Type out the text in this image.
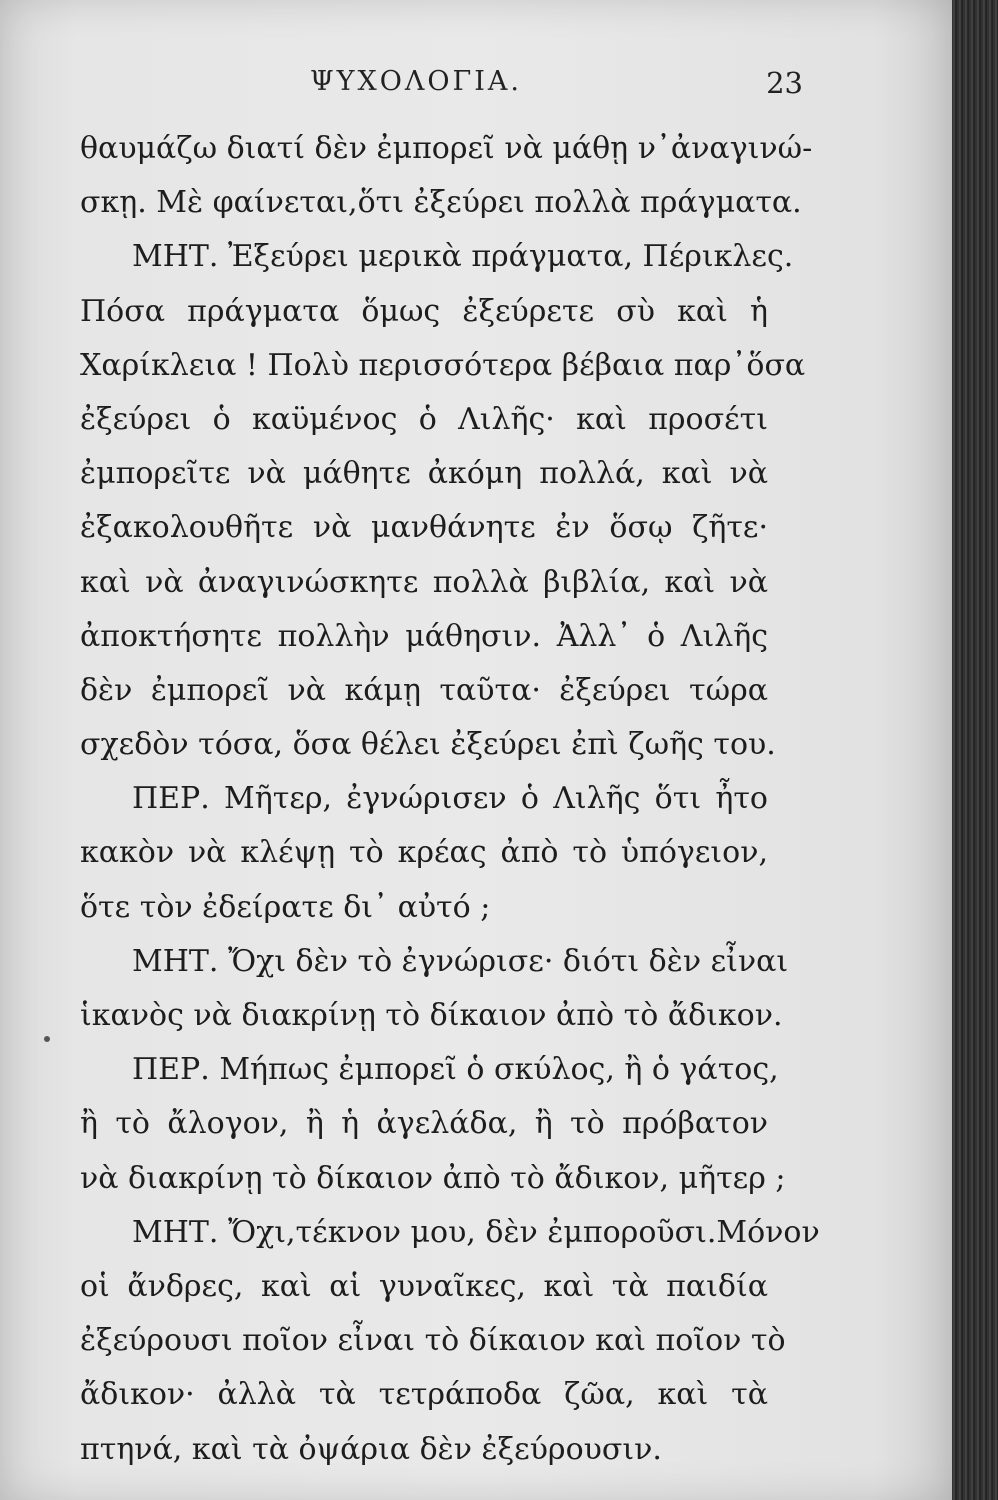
ΨΥΧΟΛΟΓΙΑ.	23
θαυμάζω διατί δὲν ἐμπορεῖ νὰ μάθῃ ν᾿ἀναγινώ-
σκῃ. Μὲ φαίνεται,ὅτι ἐξεύρει πολλὰ πράγματα.
ΜΗΤ. Ἐξεύρει μερικὰ πράγματα, Πέρικλες.
Πόσα πράγματα ὅμως ἐξεύρετε σὺ καὶ ἡ
Χαρίκλεια ! Πολὺ περισσότερα βέβαια παρ᾿ὅσα
ἐξεύρει ὁ καϋμένος ὁ Λιλῆς· καὶ προσέτι
ἐμπορεῖτε νὰ μάθητε ἀκόμη πολλά, καὶ νὰ
ἐξακολουθῆτε νὰ μανθάνητε ἐν ὅσῳ ζῆτε·
καὶ νὰ ἀναγινώσκητε πολλὰ βιβλία, καὶ νὰ
ἀποκτήσητε πολλὴν μάθησιν. Ἀλλ᾿ ὁ Λιλῆς
δὲν ἐμπορεῖ νὰ κάμῃ ταῦτα· ἐξεύρει τώρα
σχεδὸν τόσα, ὅσα θέλει ἐξεύρει ἐπὶ ζωῆς του.
ΠΕΡ. Μῆτερ, ἐγνώρισεν ὁ Λιλῆς ὅτι ἦτο
κακὸν νὰ κλέψῃ τὸ κρέας ἀπὸ τὸ ὑπόγειον,
ὅτε τὸν ἐδείρατε δι᾿ αὐτό ;
ΜΗΤ. Ὄχι δὲν τὸ ἐγνώρισε· διότι δὲν εἶναι
ἱκανὸς νὰ διακρίνῃ τὸ δίκαιον ἀπὸ τὸ ἄδικον.
ΠΕΡ. Μήπως ἐμπορεῖ ὁ σκύλος, ἢ ὁ γάτος,
ἢ τὸ ἄλογον, ἢ ἡ ἀγελάδα, ἢ τὸ πρόβατον
νὰ διακρίνῃ τὸ δίκαιον ἀπὸ τὸ ἄδικον, μῆτερ ;
ΜΗΤ. Ὄχι,τέκνον μου, δὲν ἐμποροῦσι.Μόνον
οἱ ἄνδρες, καὶ αἱ γυναῖκες, καὶ τὰ παιδία
ἐξεύρουσι ποῖον εἶναι τὸ δίκαιον καὶ ποῖον τὸ
ἄδικον· ἀλλὰ τὰ τετράποδα ζῶα, καὶ τὰ
πτηνά, καὶ τὰ ὀψάρια δὲν ἐξεύρουσιν.
